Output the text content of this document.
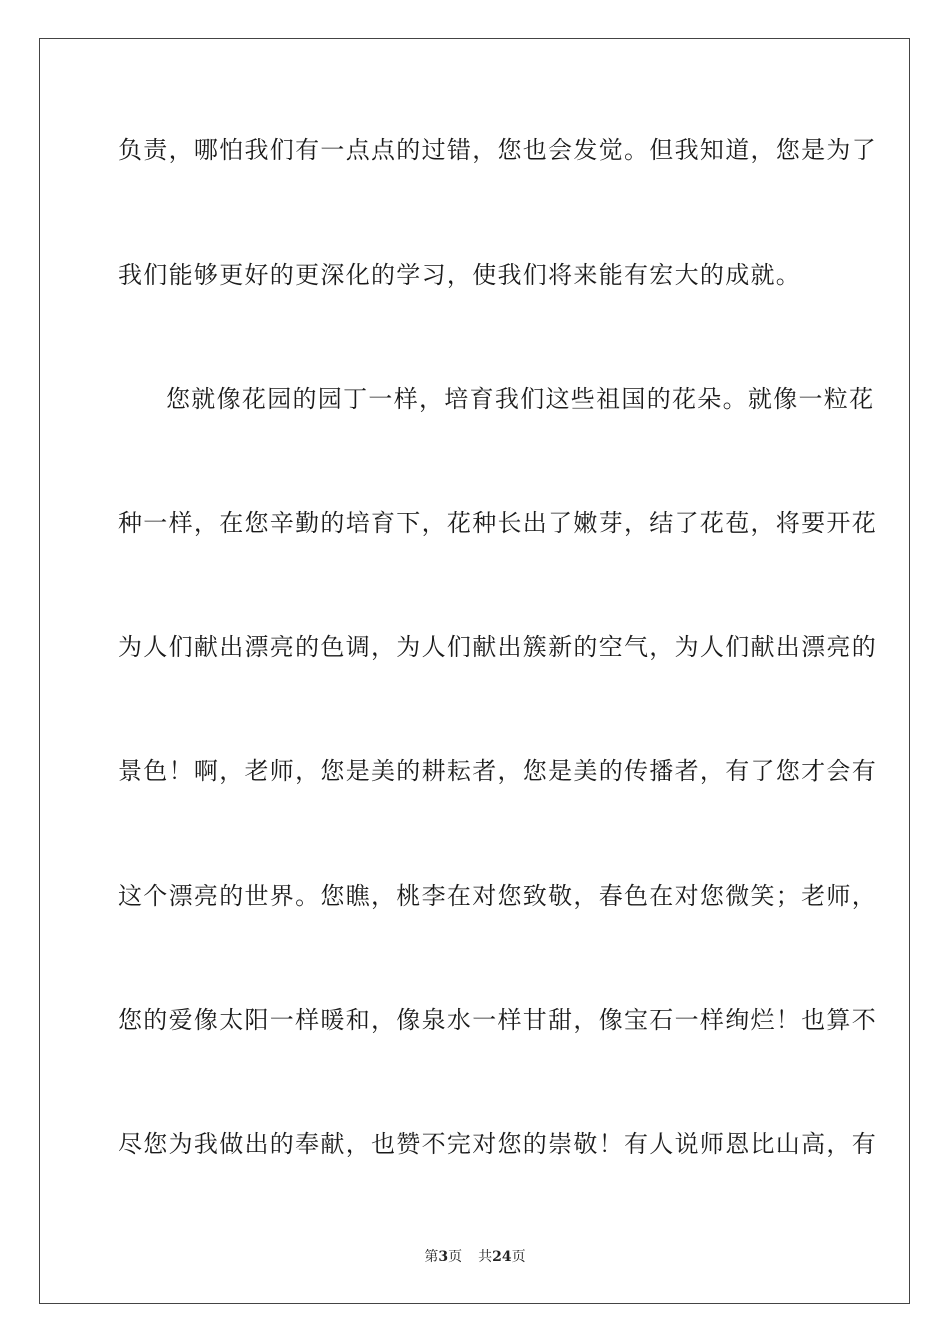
负责，哪怕我们有一点点的过错，您也会发觉。但我知道，您是为了
我们能够更好的更深化的学习，使我们将来能有宏大的成就。
您就像花园的园丁一样，培育我们这些祖国的花朵。就像一粒花
种一样，在您辛勤的培育下，花种长出了嫩芽，结了花苞，将要开花
为人们献出漂亮的色调，为人们献出簇新的空气，为人们献出漂亮的
景色！啊，老师，您是美的耕耘者，您是美的传播者，有了您才会有
这个漂亮的世界。您瞧，桃李在对您致敬，春色在对您微笑；老师，
您的爱像太阳一样暖和，像泉水一样甘甜，像宝石一样绚烂！也算不
尽您为我做出的奉献，也赞不完对您的崇敬！有人说师恩比山高，有
第3页 共24页
